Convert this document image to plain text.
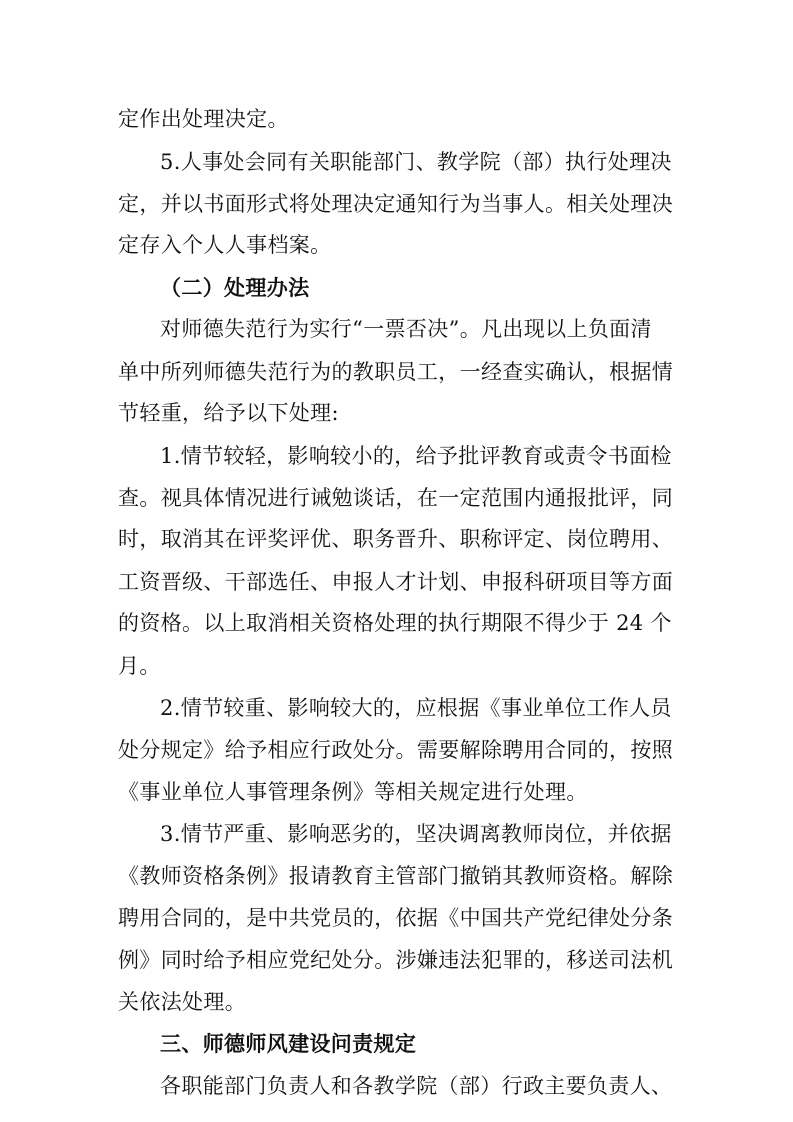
定作出处理决定。
5.人事处会同有关职能部门、教学院（部）执行处理决
定，并以书面形式将处理决定通知行为当事人。相关处理决
定存入个人人事档案。
（二）处理办法
对师德失范行为实行“一票否决”。凡出现以上负面清
单中所列师德失范行为的教职员工，一经查实确认，根据情
节轻重，给予以下处理:
1.情节较轻，影响较小的，给予批评教育或责令书面检
查。视具体情况进行诫勉谈话，在一定范围内通报批评，同
时，取消其在评奖评优、职务晋升、职称评定、岗位聘用、
工资晋级、干部选任、申报人才计划、申报科研项目等方面
的资格。以上取消相关资格处理的执行期限不得少于 24 个
月。
2.情节较重、影响较大的，应根据《事业单位工作人员
处分规定》给予相应行政处分。需要解除聘用合同的，按照
《事业单位人事管理条例》等相关规定进行处理。
3.情节严重、影响恶劣的，坚决调离教师岗位，并依据
《教师资格条例》报请教育主管部门撤销其教师资格。解除
聘用合同的，是中共党员的，依据《中国共产党纪律处分条
例》同时给予相应党纪处分。涉嫌违法犯罪的，移送司法机
关依法处理。
三、师德师风建设问责规定
各职能部门负责人和各教学院（部）行政主要负责人、
